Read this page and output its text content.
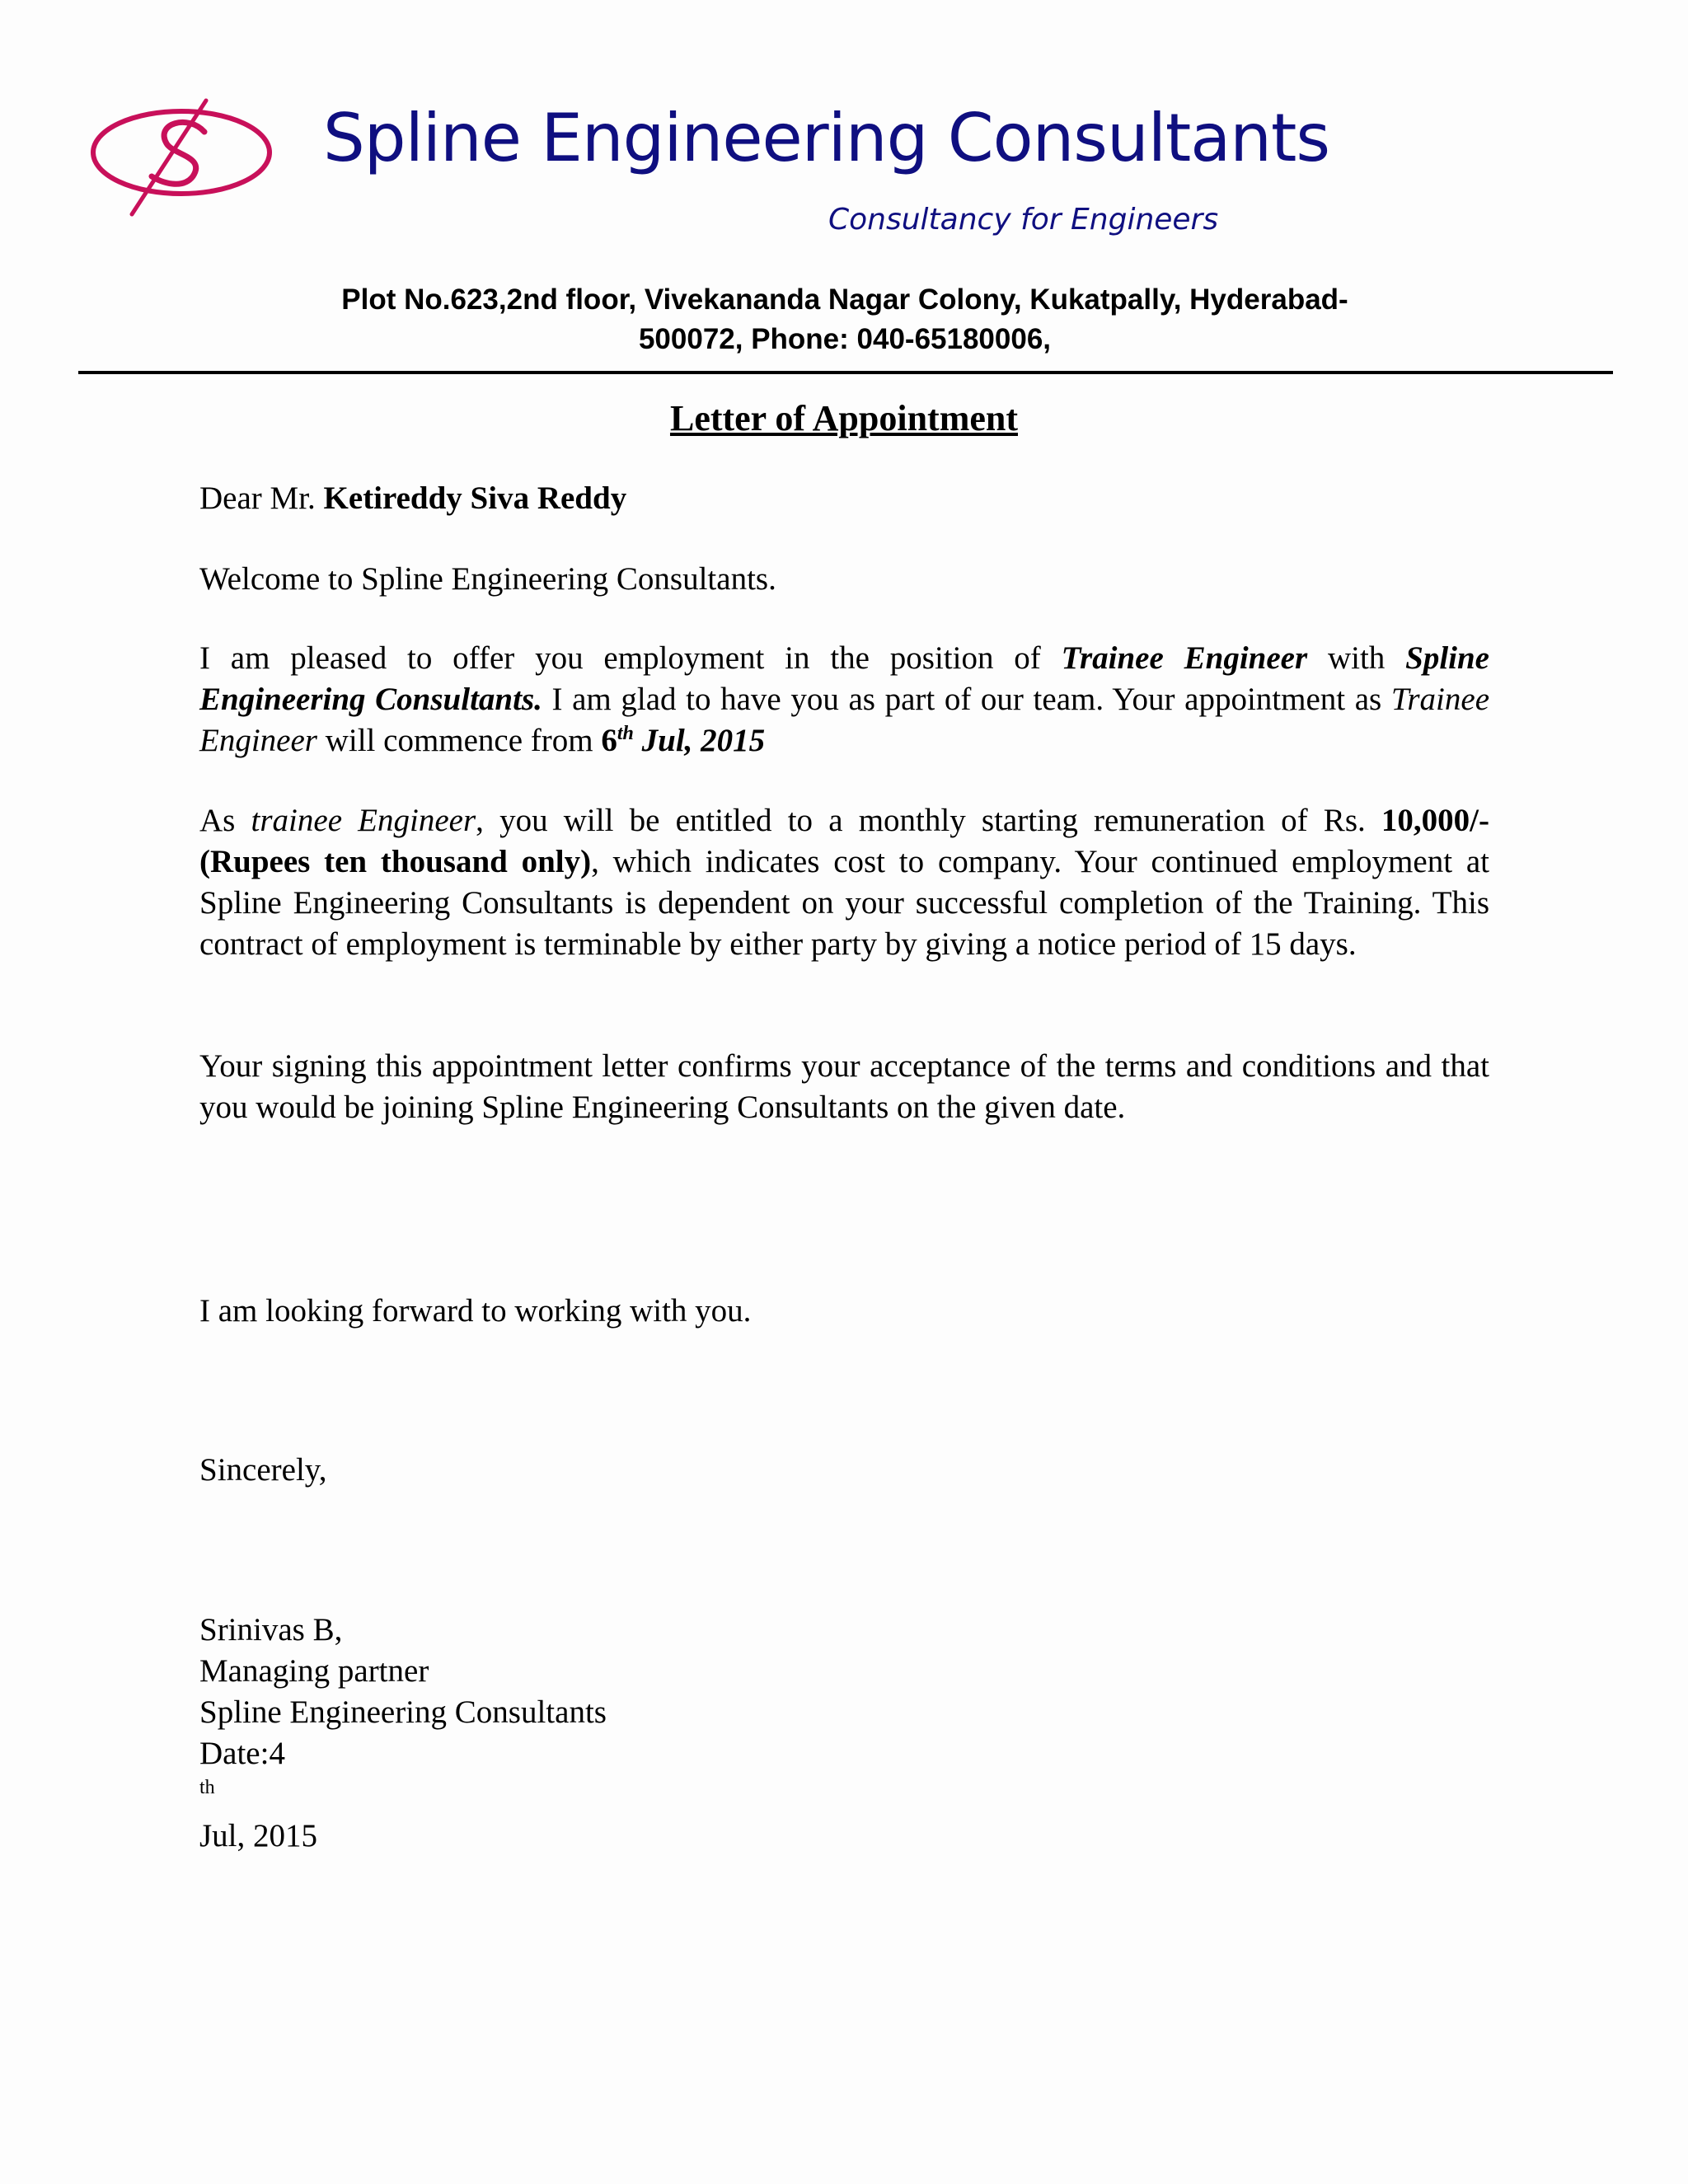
Spline Engineering Consultants
Consultancy for Engineers
Plot No.623,2nd floor, Vivekananda Nagar Colony, Kukatpally, Hyderabad-
500072, Phone: 040-65180006,
Letter of Appointment

Dear Mr. Ketireddy Siva Reddy

Welcome to Spline Engineering Consultants.

I am pleased to offer you employment in the position of Trainee Engineer with Spline Engineering Consultants. I am glad to have you as part of our team. Your appointment as Trainee Engineer will commence from 6th Jul, 2015

As trainee Engineer, you will be entitled to a monthly starting remuneration of Rs. 10,000/- (Rupees ten thousand only), which indicates cost to company. Your continued employment at Spline Engineering Consultants is dependent on your successful completion of the Training. This contract of employment is terminable by either party by giving a notice period of 15 days.

Your signing this appointment letter confirms your acceptance of the terms and conditions and that you would be joining Spline Engineering Consultants on the given date.

I am looking forward to working with you.

Sincerely,

Srinivas B,
Managing partner
Spline Engineering Consultants
Date:4
$^{th}$
Jul, 2015
